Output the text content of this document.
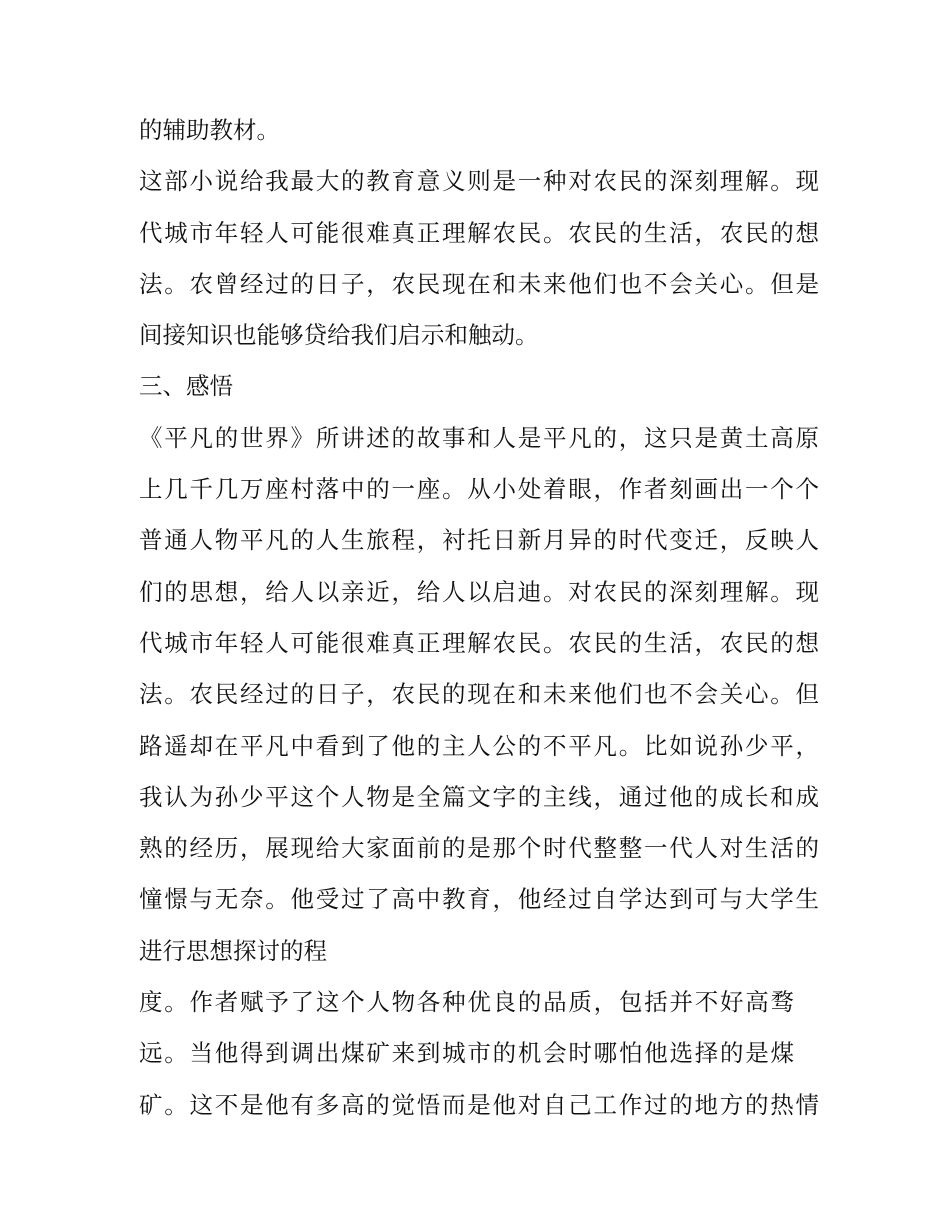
的辅助教材。
这部小说给我最大的教育意义则是一种对农民的深刻理解。现
代城市年轻人可能很难真正理解农民。农民的生活，农民的想
法。农曾经过的日子，农民现在和未来他们也不会关心。但是
间接知识也能够贷给我们启示和触动。
三、感悟
《平凡的世界》所讲述的故事和人是平凡的，这只是黄土高原
上几千几万座村落中的一座。从小处着眼，作者刻画出一个个
普通人物平凡的人生旅程，衬托日新月异的时代变迁，反映人
们的思想，给人以亲近，给人以启迪。对农民的深刻理解。现
代城市年轻人可能很难真正理解农民。农民的生活，农民的想
法。农民经过的日子，农民的现在和未来他们也不会关心。但
路遥却在平凡中看到了他的主人公的不平凡。比如说孙少平，
我认为孙少平这个人物是全篇文字的主线，通过他的成长和成
熟的经历，展现给大家面前的是那个时代整整一代人对生活的
憧憬与无奈。他受过了高中教育，他经过自学达到可与大学生
进行思想探讨的程
度。作者赋予了这个人物各种优良的品质，包括并不好高骛
远。当他得到调出煤矿来到城市的机会时哪怕他选择的是煤
矿。这不是他有多高的觉悟而是他对自己工作过的地方的热情
